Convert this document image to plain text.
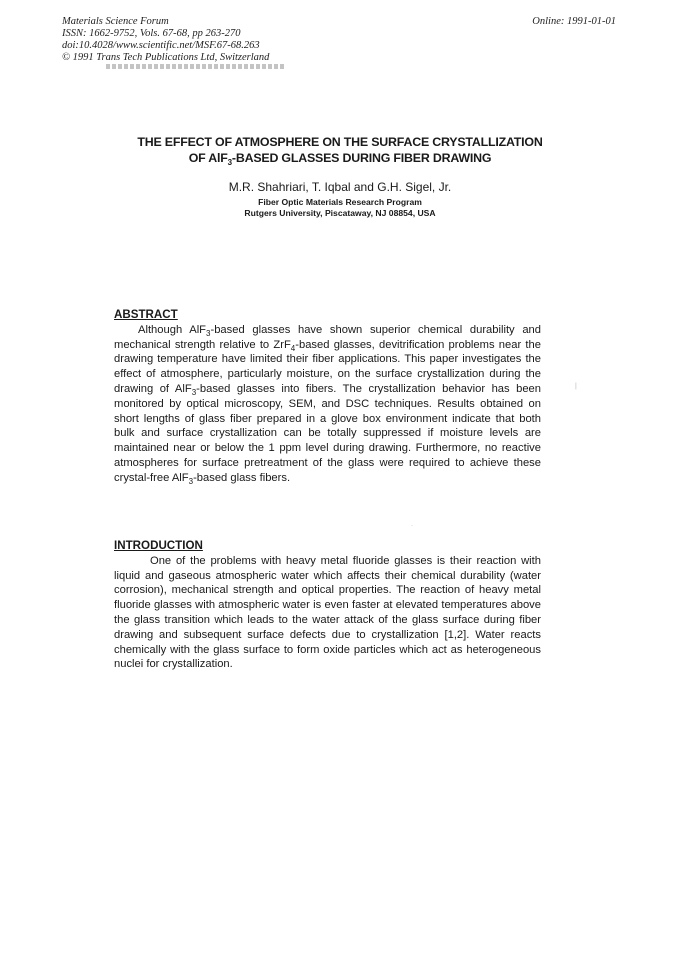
Materials Science Forum
ISSN: 1662-9752, Vols. 67-68, pp 263-270
doi:10.4028/www.scientific.net/MSF.67-68.263
© 1991 Trans Tech Publications Ltd, Switzerland
Online: 1991-01-01
THE EFFECT OF ATMOSPHERE ON THE SURFACE CRYSTALLIZATION
OF AlF$_3$-BASED GLASSES DURING FIBER DRAWING
M.R. Shahriari, T. Iqbal and G.H. Sigel, Jr.
Fiber Optic Materials Research Program
Rutgers University, Piscataway, NJ 08854, USA
ABSTRACT
Although AlF$_3$-based glasses have shown superior chemical durability and mechanical strength relative to ZrF$_4$-based glasses, devitrification problems near the drawing temperature have limited their fiber applications. This paper investigates the effect of atmosphere, particularly moisture, on the surface crystallization during the drawing of AlF$_3$-based glasses into fibers. The crystallization behavior has been monitored by optical microscopy, SEM, and DSC techniques. Results obtained on short lengths of glass fiber prepared in a glove box environment indicate that both bulk and surface crystallization can be totally suppressed if moisture levels are maintained near or below the 1 ppm level during drawing. Furthermore, no reactive atmospheres for surface pretreatment of the glass were required to achieve these crystal-free AlF$_3$-based glass fibers.
INTRODUCTION
One of the problems with heavy metal fluoride glasses is their reaction with liquid and gaseous atmospheric water which affects their chemical durability (water corrosion), mechanical strength and optical properties. The reaction of heavy metal fluoride glasses with atmospheric water is even faster at elevated temperatures above the glass transition which leads to the water attack of the glass surface during fiber drawing and subsequent surface defects due to crystallization [1,2]. Water reacts chemically with the glass surface to form oxide particles which act as heterogeneous nuclei for crystallization.
.
|
